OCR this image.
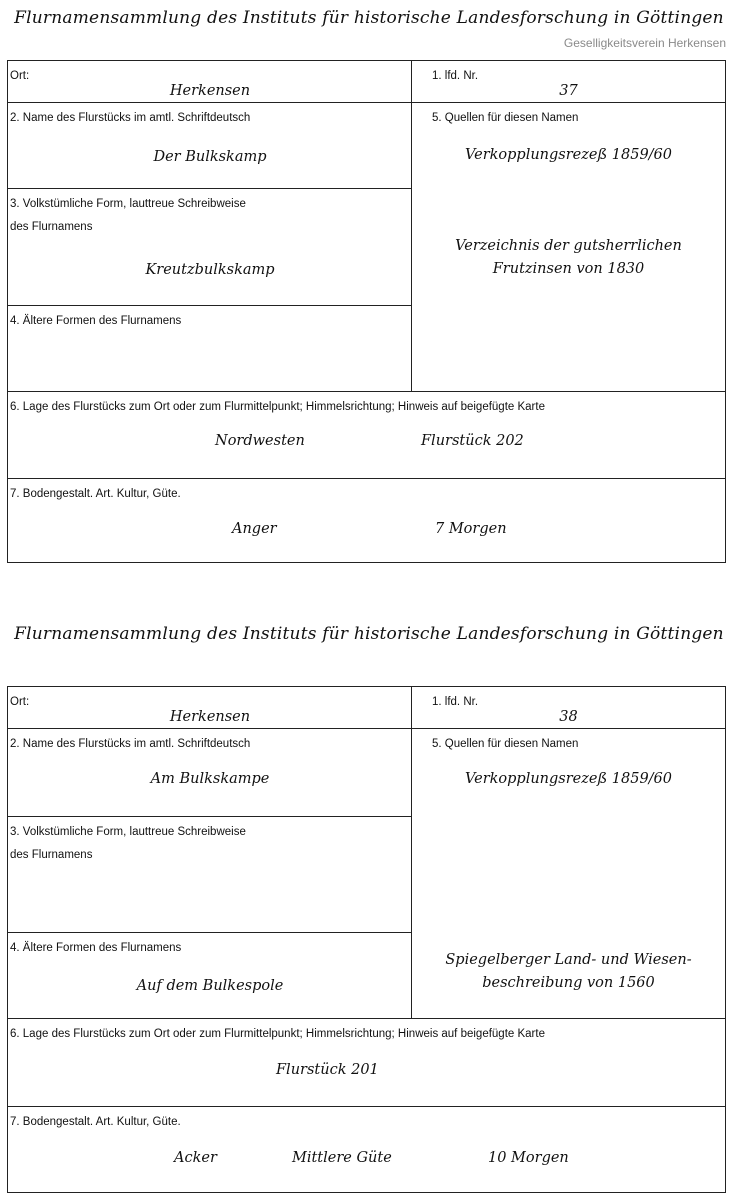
Flurnamensammlung des Instituts für historische Landesforschung in Göttingen
Geselligkeitsverein Herkensen
Ort:
Herkensen
1. lfd. Nr.
37
2. Name des Flurstücks im amtl. Schriftdeutsch
Der Bulkskamp
3. Volkstümliche Form, lauttreue Schreibweise
des Flurnamens
Kreutzbulkskamp
4. Ältere Formen des Flurnamens
5. Quellen für diesen Namen
Verkopplungsrezeß 1859/60
Verzeichnis der gutsherrlichen
Frutzinsen von 1830
6. Lage des Flurstücks zum Ort oder zum Flurmittelpunkt; Himmelsrichtung; Hinweis auf beigefügte Karte
Nordwesten	Flurstück 202
7. Bodengestalt. Art. Kultur, Güte.
Anger	7 Morgen
Flurnamensammlung des Instituts für historische Landesforschung in Göttingen
Ort:
Herkensen
1. lfd. Nr.
38
2. Name des Flurstücks im amtl. Schriftdeutsch
Am Bulkskampe
3. Volkstümliche Form, lauttreue Schreibweise
des Flurnamens
4. Ältere Formen des Flurnamens
Auf dem Bulkespole
5. Quellen für diesen Namen
Verkopplungsrezeß 1859/60
Spiegelberger Land- und Wiesen-
beschreibung von 1560
6. Lage des Flurstücks zum Ort oder zum Flurmittelpunkt; Himmelsrichtung; Hinweis auf beigefügte Karte
Flurstück 201
7. Bodengestalt. Art. Kultur, Güte.
Acker	Mittlere Güte	10 Morgen
